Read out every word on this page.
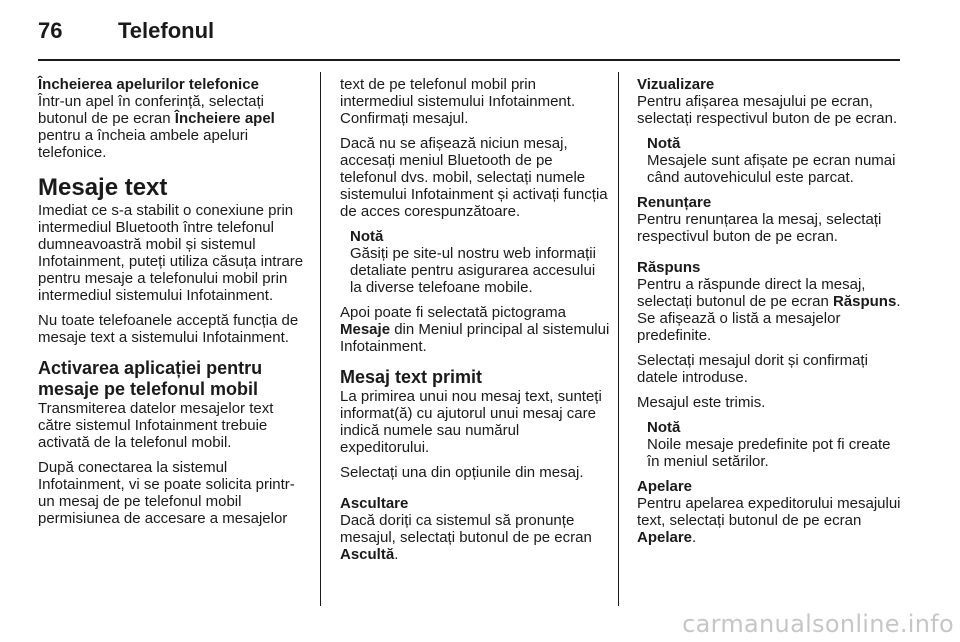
76	Telefonul
Încheierea apelurilor telefonice

Într-un apel în conferință, selectați butonul de pe ecran Încheiere apel pentru a încheia ambele apeluri telefonice.

Mesaje text

Imediat ce s-a stabilit o conexiune prin intermediul Bluetooth între telefonul dumneavoastră mobil și sistemul Infotainment, puteți utiliza căsuța intrare pentru mesaje a telefonului mobil prin intermediul sistemului Infotainment.

Nu toate telefoanele acceptă funcția de mesaje text a sistemului Infotainment.

Activarea aplicației pentru mesaje pe telefonul mobil

Transmiterea datelor mesajelor text către sistemul Infotainment trebuie activată de la telefonul mobil.

După conectarea la sistemul Infotainment, vi se poate solicita printr-un mesaj de pe telefonul mobil permisiunea de accesare a mesajelor

text de pe telefonul mobil prin intermediul sistemului Infotainment. Confirmați mesajul.

Dacă nu se afișează niciun mesaj, accesați meniul Bluetooth de pe telefonul dvs. mobil, selectați numele sistemului Infotainment și activați funcția de acces corespunzătoare.

Notă
Găsiți pe site-ul nostru web informații detaliate pentru asigurarea accesului la diverse telefoane mobile.

Apoi poate fi selectată pictograma Mesaje din Meniul principal al sistemului Infotainment.

Mesaj text primit

La primirea unui nou mesaj text, sunteți informat(ă) cu ajutorul unui mesaj care indică numele sau numărul expeditorului.

Selectați una din opțiunile din mesaj.

Ascultare

Dacă doriți ca sistemul să pronunțe mesajul, selectați butonul de pe ecran Ascultă.

Vizualizare

Pentru afișarea mesajului pe ecran, selectați respectivul buton de pe ecran.

Notă
Mesajele sunt afișate pe ecran numai când autovehiculul este parcat.
Renunțare

Pentru renunțarea la mesaj, selectați respectivul buton de pe ecran.

Răspuns

Pentru a răspunde direct la mesaj, selectați butonul de pe ecran Răspuns. Se afișează o listă a mesajelor predefinite.

Selectați mesajul dorit și confirmați datele introduse.

Mesajul este trimis.

Notă
Noile mesaje predefinite pot fi create în meniul setărilor.
Apelare

Pentru apelarea expeditorului mesajului text, selectați butonul de pe ecran Apelare.

carmanualsonline.info
